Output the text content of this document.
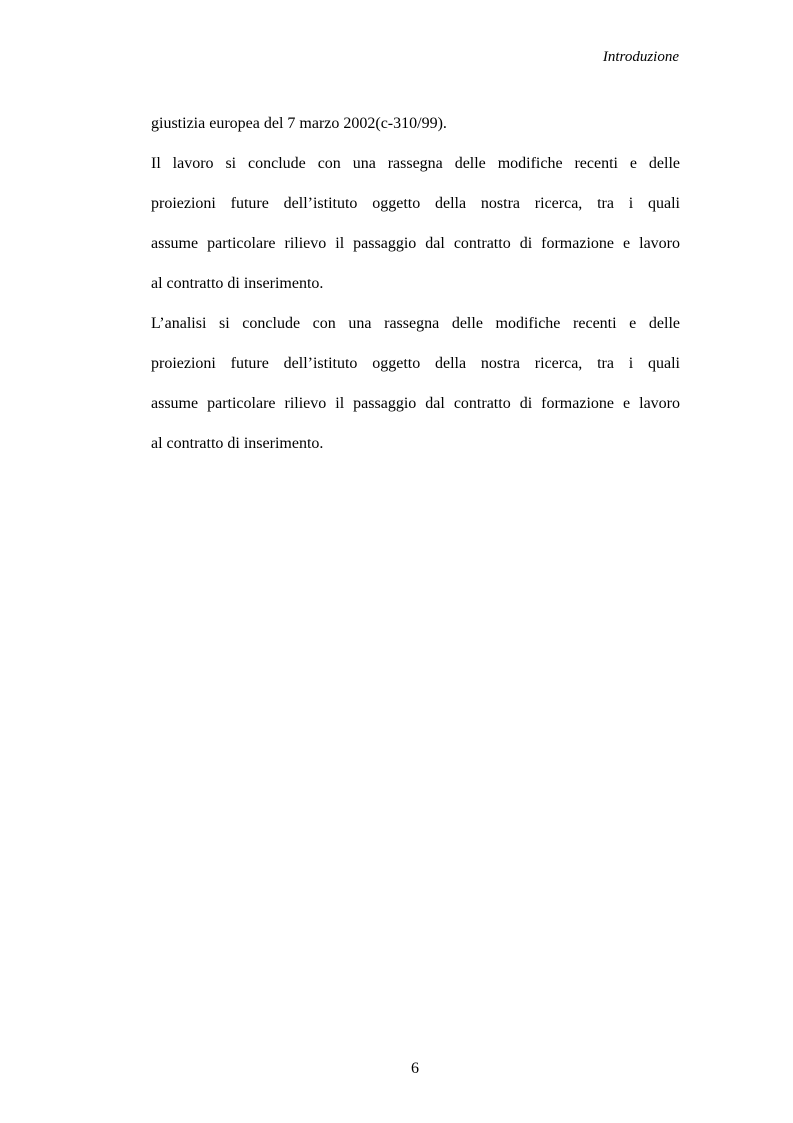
Introduzione
giustizia europea del 7 marzo 2002(c-310/99).
Il lavoro si conclude con una rassegna delle modifiche recenti e delle
proiezioni future dell’istituto oggetto della nostra ricerca, tra i quali
assume particolare rilievo il passaggio dal contratto di formazione e lavoro
al contratto di inserimento.
L’analisi si conclude con una rassegna delle modifiche recenti e delle
proiezioni future dell’istituto oggetto della nostra ricerca, tra i quali
assume particolare rilievo il passaggio dal contratto di formazione e lavoro
al contratto di inserimento.
6
